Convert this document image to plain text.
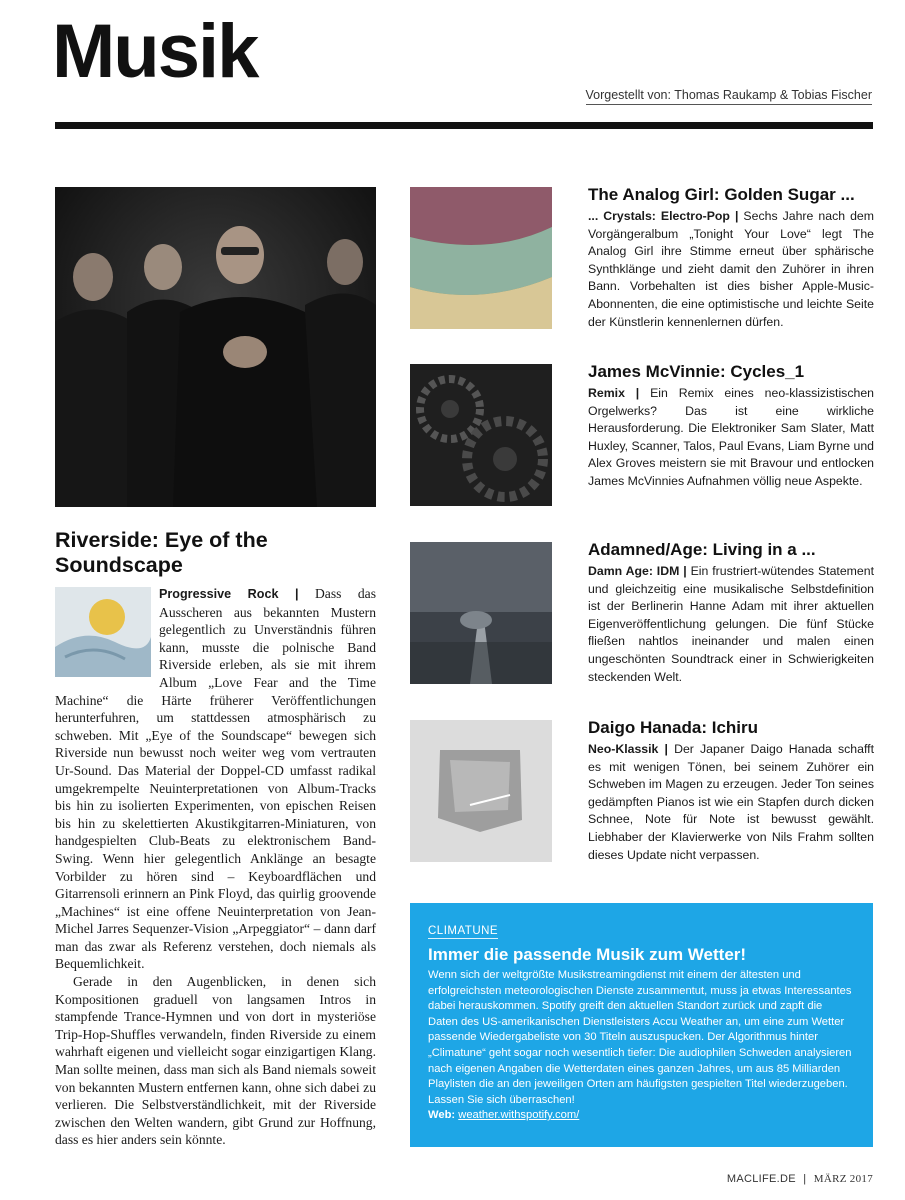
Musik
Vorgestellt von: Thomas Raukamp & Tobias Fischer
Riverside: Eye of the Soundscape
Progressive Rock | Dass das Ausscheren aus bekannten Mustern gelegentlich zu Unverständnis führen kann, musste die polnische Band Riverside erleben, als sie mit ihrem Album „Love Fear and the Time Machine“ die Härte früherer Veröffentlichungen herunterfuhren, um stattdessen atmosphärisch zu schweben. Mit „Eye of the Soundscape“ bewegen sich Riverside nun bewusst noch weiter weg vom vertrauten Ur-Sound. Das Material der Doppel-CD umfasst radikal umgekrempelte Neuinterpretationen von Album-Tracks bis hin zu isolierten Experimenten, von epischen Reisen bis hin zu skelettierten Akustikgitarren-Miniaturen, von handgespielten Club-Beats zu elektronischem Band-Swing. Wenn hier gelegentlich Anklänge an besagte Vorbilder zu hören sind – Keyboardflächen und Gitarrensoli erinnern an Pink Floyd, das quirlig groovende „Machines“ ist eine offene Neuinterpretation von Jean-Michel Jarres Sequenzer-Vision „Arpeggiator“ – dann darf man das zwar als Referenz verstehen, doch niemals als Bequemlichkeit.
Gerade in den Augenblicken, in denen sich Kompositionen graduell von langsamen Intros in stampfende Trance-Hymnen und von dort in mysteriöse Trip-Hop-Shuffles verwandeln, finden Riverside zu einem wahrhaft eigenen und vielleicht sogar einzigartigen Klang. Man sollte meinen, dass man sich als Band niemals soweit von bekannten Mustern entfernen kann, ohne sich dabei zu verlieren. Die Selbstverständlichkeit, mit der Riverside zwischen den Welten wandern, gibt Grund zur Hoffnung, dass es hier anders sein könnte.
The Analog Girl: Golden Sugar ...
... Crystals: Electro-Pop | Sechs Jahre nach dem Vorgängeralbum „Tonight Your Love“ legt The Analog Girl ihre Stimme erneut über sphärische Synthklänge und zieht damit den Zuhörer in ihren Bann. Vorbehalten ist dies bisher Apple-Music-Abonnenten, die eine optimistische und leichte Seite der Künstlerin kennenlernen dürfen.
James McVinnie: Cycles_1
Remix | Ein Remix eines neo-klassizistischen Orgelwerks? Das ist eine wirkliche Herausforderung. Die Elektroniker Sam Slater, Matt Huxley, Scanner, Talos, Paul Evans, Liam Byrne und Alex Groves meistern sie mit Bravour und entlocken James McVinnies Aufnahmen völlig neue Aspekte.
Adamned/Age: Living in a ...
Damn Age: IDM | Ein frustriert-wütendes Statement und gleichzeitig eine musikalische Selbstdefinition ist der Berlinerin Hanne Adam mit ihrer aktuellen Eigenveröffentlichung gelungen. Die fünf Stücke fließen nahtlos ineinander und malen einen ungeschönten Soundtrack einer in Schwierigkeiten steckenden Welt.
Daigo Hanada: Ichiru
Neo-Klassik | Der Japaner Daigo Hanada schafft es mit wenigen Tönen, bei seinem Zuhörer ein Schweben im Magen zu erzeugen. Jeder Ton seines gedämpften Pianos ist wie ein Stapfen durch dicken Schnee, Note für Note ist bewusst gewählt. Liebhaber der Klavierwerke von Nils Frahm sollten dieses Update nicht verpassen.
CLIMATUNE
Immer die passende Musik zum Wetter!
Wenn sich der weltgrößte Musikstreamingdienst mit einem der ältesten und erfolgreichsten meteorologischen Dienste zusammentut, muss ja etwas Interessantes dabei herauskommen. Spotify greift den aktuellen Standort zurück und zapft die Daten des US-amerikanischen Dienstleisters Accu Weather an, um eine zum Wetter passende Wiedergabeliste von 30 Titeln auszuspucken. Der Algorithmus hinter „Climatune“ geht sogar noch wesentlich tiefer: Die audiophilen Schweden analysieren nach eigenen Angaben die Wetterdaten eines ganzen Jahres, um aus 85 Milliarden Playlisten die an den jeweiligen Orten am häufigsten gespielten Titel wiederzugeben. Lassen Sie sich überraschen!
Web: weather.withspotify.com/
MACLIFE.DE | MÄRZ 2017
